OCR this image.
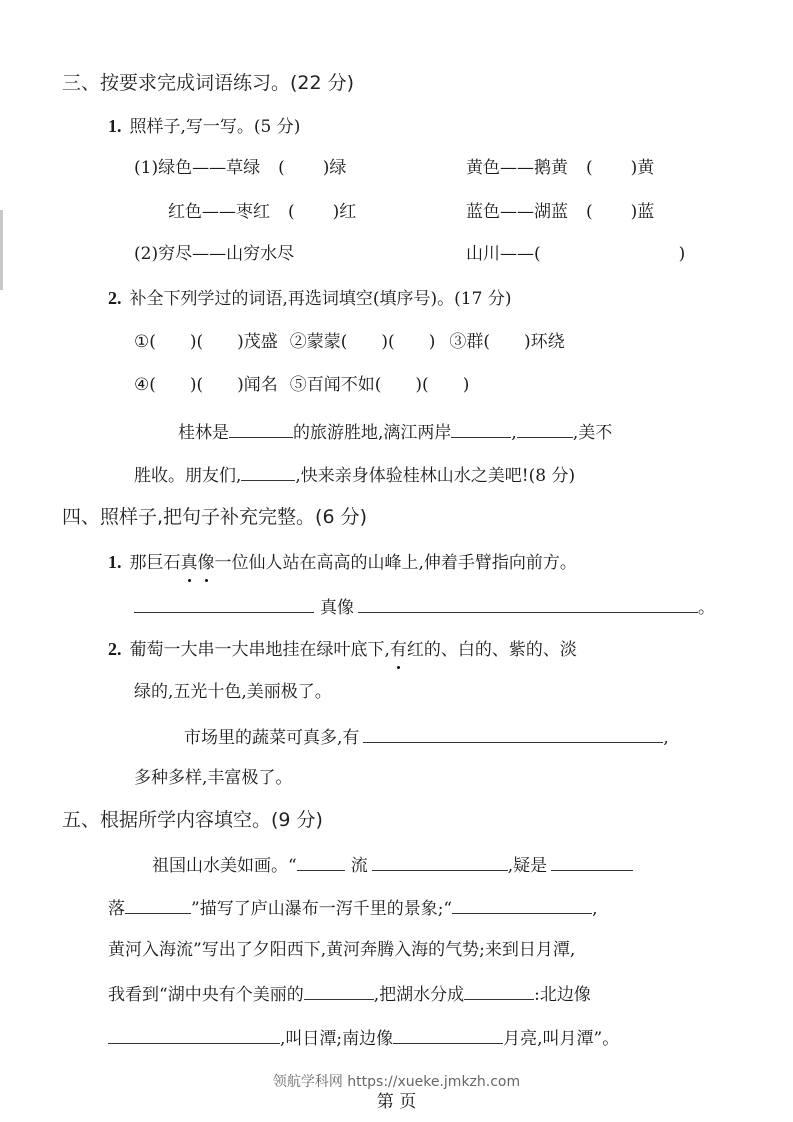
三、按要求完成词语练习。(22 分)
1. 照样子,写一写。(5 分)
(1)绿色——草绿 ( )绿	黄色——鹅黄 ( )黄
红色——枣红 ( )红	蓝色——湖蓝 ( )蓝
(2)穷尽——山穷水尽	山川——(	)
2. 补全下列学过的词语,再选词填空(填序号)。(17 分)
①( )( )茂盛 ②蒙蒙( )( ) ③群( )环绕
④( )( )闻名 ⑤百闻不如( )( )
桂林是	的旅游胜地,漓江两岸	,	,美不
胜收。朋友们,	,快来亲身体验桂林山水之美吧!(8 分)
四、照样子,把句子补充完整。(6 分)
1. 那巨石真像一位仙人站在高高的山峰上,伸着手臂指向前方。
真像	。
2. 葡萄一大串一大串地挂在绿叶底下,有红的、白的、紫的、淡
绿的,五光十色,美丽极了。
市场里的蔬菜可真多,有	,
多种多样,丰富极了。
五、根据所学内容填空。(9 分)
祖国山水美如画。“	流	,疑是
落	”描写了庐山瀑布一泻千里的景象;“	,
黄河入海流”写出了夕阳西下,黄河奔腾入海的气势;来到日月潭,
我看到“湖中央有个美丽的	,把湖水分成	:北边像
,叫日潭;南边像	月亮,叫月潭”。
领航学科网 https://xueke.jmkzh.com
第 页
